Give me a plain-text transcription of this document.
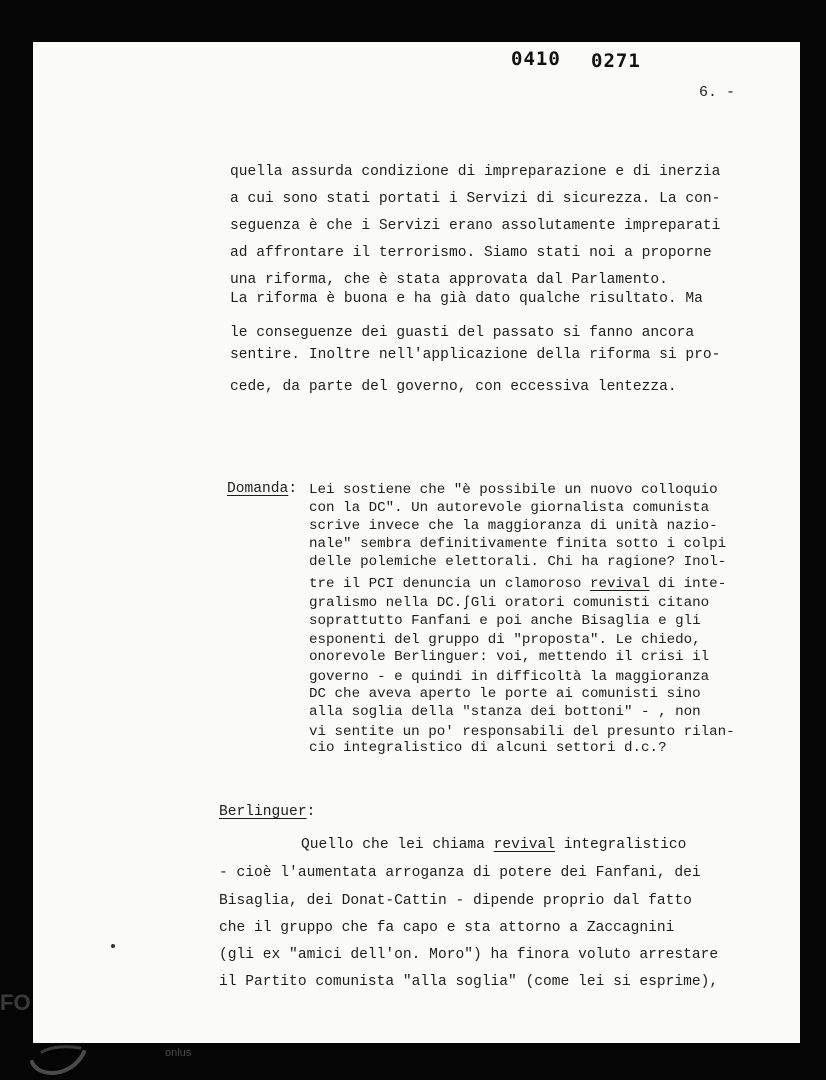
0410 0271
6. -
quella assurda condizione di impreparazione e di inerzia
a cui sono stati portati i Servizi di sicurezza. La con-
seguenza è che i Servizi erano assolutamente impreparati
ad affrontare il terrorismo. Siamo stati noi a proporne
una riforma, che è stata approvata dal Parlamento.
La riforma è buona e ha già dato qualche risultato. Ma
le conseguenze dei guasti del passato si fanno ancora
sentire. Inoltre nell'applicazione della riforma si pro-
cede, da parte del governo, con eccessiva lentezza.
Domanda: Lei sostiene che "è possibile un nuovo colloquio
con la DC". Un autorevole giornalista comunista
scrive invece che la maggioranza di unità nazio-
nale" sembra definitivamente finita sotto i colpi
delle polemiche elettorali. Chi ha ragione? Inol-
tre il PCI denuncia un clamoroso revival di inte-
gralismo nella DC.∫Gli oratori comunisti citano
soprattutto Fanfani e poi anche Bisaglia e gli
esponenti del gruppo di "proposta". Le chiedo,
onorevole Berlinguer: voi, mettendo il crisi il
governo - e quindi in difficoltà la maggioranza
DC che aveva aperto le porte ai comunisti sino
alla soglia della "stanza dei bottoni" - , non
vi sentite un po' responsabili del presunto rilan-
cio integralistico di alcuni settori d.c.?
Berlinguer:
Quello che lei chiama revival integralistico
- cioè l'aumentata arroganza di potere dei Fanfani, dei
Bisaglia, dei Donat-Cattin - dipende proprio dal fatto
che il gruppo che fa capo e sta attorno a Zaccagnini
(gli ex "amici dell'on. Moro") ha finora voluto arrestare
il Partito comunista "alla soglia" (come lei si esprime),
FO
onlus
